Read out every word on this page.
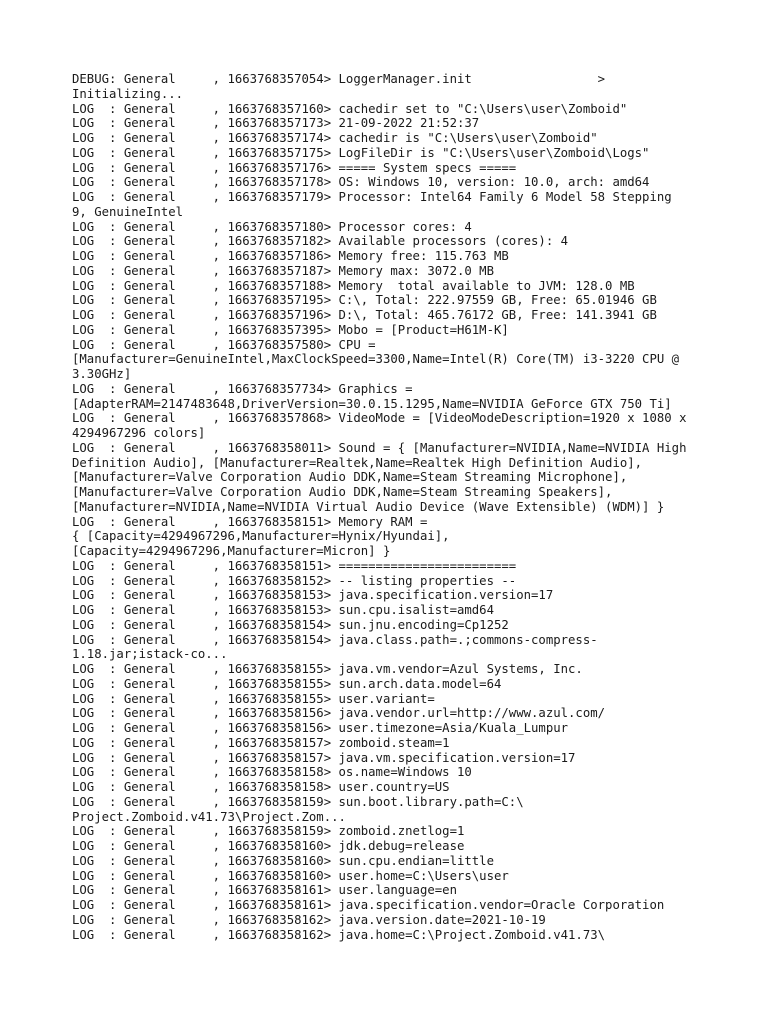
DEBUG: General     , 1663768357054> LoggerManager.init                 >
Initializing...
LOG  : General     , 1663768357160> cachedir set to "C:\Users\user\Zomboid"
LOG  : General     , 1663768357173> 21-09-2022 21:52:37
LOG  : General     , 1663768357174> cachedir is "C:\Users\user\Zomboid"
LOG  : General     , 1663768357175> LogFileDir is "C:\Users\user\Zomboid\Logs"
LOG  : General     , 1663768357176> ===== System specs =====
LOG  : General     , 1663768357178> OS: Windows 10, version: 10.0, arch: amd64
LOG  : General     , 1663768357179> Processor: Intel64 Family 6 Model 58 Stepping
9, GenuineIntel
LOG  : General     , 1663768357180> Processor cores: 4
LOG  : General     , 1663768357182> Available processors (cores): 4
LOG  : General     , 1663768357186> Memory free: 115.763 MB
LOG  : General     , 1663768357187> Memory max: 3072.0 MB
LOG  : General     , 1663768357188> Memory  total available to JVM: 128.0 MB
LOG  : General     , 1663768357195> C:\, Total: 222.97559 GB, Free: 65.01946 GB
LOG  : General     , 1663768357196> D:\, Total: 465.76172 GB, Free: 141.3941 GB
LOG  : General     , 1663768357395> Mobo = [Product=H61M-K]
LOG  : General     , 1663768357580> CPU =
[Manufacturer=GenuineIntel,MaxClockSpeed=3300,Name=Intel(R) Core(TM) i3-3220 CPU @
3.30GHz]
LOG  : General     , 1663768357734> Graphics =
[AdapterRAM=2147483648,DriverVersion=30.0.15.1295,Name=NVIDIA GeForce GTX 750 Ti]
LOG  : General     , 1663768357868> VideoMode = [VideoModeDescription=1920 x 1080 x
4294967296 colors]
LOG  : General     , 1663768358011> Sound = { [Manufacturer=NVIDIA,Name=NVIDIA High
Definition Audio], [Manufacturer=Realtek,Name=Realtek High Definition Audio],
[Manufacturer=Valve Corporation Audio DDK,Name=Steam Streaming Microphone],
[Manufacturer=Valve Corporation Audio DDK,Name=Steam Streaming Speakers],
[Manufacturer=NVIDIA,Name=NVIDIA Virtual Audio Device (Wave Extensible) (WDM)] }
LOG  : General     , 1663768358151> Memory RAM =
{ [Capacity=4294967296,Manufacturer=Hynix/Hyundai],
[Capacity=4294967296,Manufacturer=Micron] }
LOG  : General     , 1663768358151> ========================
LOG  : General     , 1663768358152> -- listing properties --
LOG  : General     , 1663768358153> java.specification.version=17
LOG  : General     , 1663768358153> sun.cpu.isalist=amd64
LOG  : General     , 1663768358154> sun.jnu.encoding=Cp1252
LOG  : General     , 1663768358154> java.class.path=.;commons-compress-
1.18.jar;istack-co...
LOG  : General     , 1663768358155> java.vm.vendor=Azul Systems, Inc.
LOG  : General     , 1663768358155> sun.arch.data.model=64
LOG  : General     , 1663768358155> user.variant=
LOG  : General     , 1663768358156> java.vendor.url=http://www.azul.com/
LOG  : General     , 1663768358156> user.timezone=Asia/Kuala_Lumpur
LOG  : General     , 1663768358157> zomboid.steam=1
LOG  : General     , 1663768358157> java.vm.specification.version=17
LOG  : General     , 1663768358158> os.name=Windows 10
LOG  : General     , 1663768358158> user.country=US
LOG  : General     , 1663768358159> sun.boot.library.path=C:\
Project.Zomboid.v41.73\Project.Zom...
LOG  : General     , 1663768358159> zomboid.znetlog=1
LOG  : General     , 1663768358160> jdk.debug=release
LOG  : General     , 1663768358160> sun.cpu.endian=little
LOG  : General     , 1663768358160> user.home=C:\Users\user
LOG  : General     , 1663768358161> user.language=en
LOG  : General     , 1663768358161> java.specification.vendor=Oracle Corporation
LOG  : General     , 1663768358162> java.version.date=2021-10-19
LOG  : General     , 1663768358162> java.home=C:\Project.Zomboid.v41.73\
